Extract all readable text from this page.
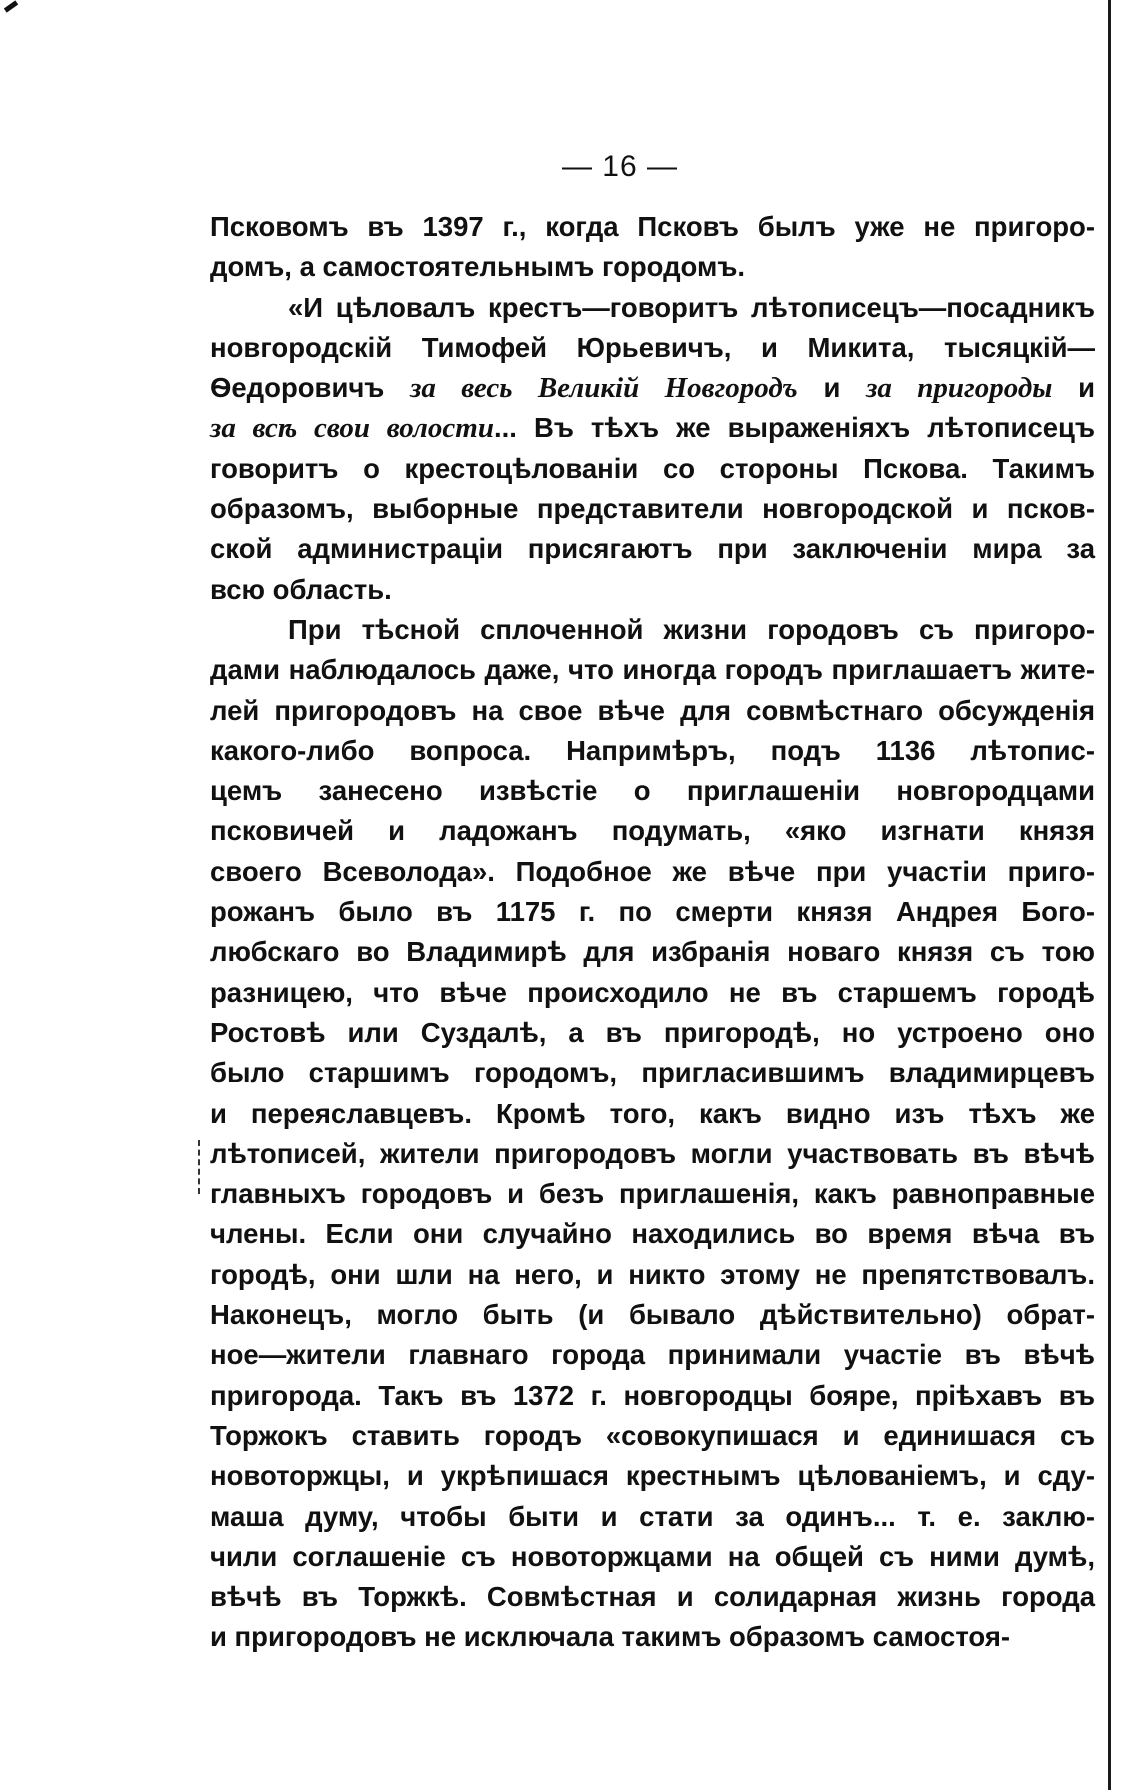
— 16 —
Псковомъ въ 1397 г., когда Псковъ былъ уже не пригоро-
домъ, а самостоятельнымъ городомъ.
«И цѣловалъ крестъ—говоритъ лѣтописецъ—посадникъ
новгородскій Тимофей Юрьевичъ, и Микита, тысяцкій—
Ѳедоровичъ за весь Великій Новгородъ и за пригороды и
за всѣ свои волости... Въ тѣхъ же выраженіяхъ лѣтописецъ
говоритъ о крестоцѣлованіи со стороны Пскова. Такимъ
образомъ, выборные представители новгородской и псков-
ской администраціи присягаютъ при заключеніи мира за
всю область.
При тѣсной сплоченной жизни городовъ съ пригоро-
дами наблюдалось даже, что иногда городъ приглашаетъ жите-
лей пригородовъ на свое вѣче для совмѣстнаго обсужденія
какого-либо вопроса. Напримѣръ, подъ 1136 лѣтопис-
цемъ занесено извѣстіе о приглашеніи новгородцами
псковичей и ладожанъ подумать, «яко изгнати князя
своего Всеволода». Подобное же вѣче при участіи приго-
рожанъ было въ 1175 г. по смерти князя Андрея Бого-
любскаго во Владимирѣ для избранія новаго князя съ тою
разницею, что вѣче происходило не въ старшемъ городѣ
Ростовѣ или Суздалѣ, а въ пригородѣ, но устроено оно
было старшимъ городомъ, пригласившимъ владимирцевъ
и переяславцевъ. Кромѣ того, какъ видно изъ тѣхъ же
лѣтописей, жители пригородовъ могли участвовать въ вѣчѣ
главныхъ городовъ и безъ приглашенія, какъ равноправные
члены. Если они случайно находились во время вѣча въ
городѣ, они шли на него, и никто этому не препятствовалъ.
Наконецъ, могло быть (и бывало дѣйствительно) обрат-
ное—жители главнаго города принимали участіе въ вѣчѣ
пригорода. Такъ въ 1372 г. новгородцы бояре, пріѣхавъ въ
Торжокъ ставить городъ «совокупишася и единишася съ
новоторжцы, и укрѣпишася крестнымъ цѣлованіемъ, и сду-
маша думу, чтобы быти и стати за одинъ... т. е. заклю-
чили соглашеніе съ новоторжцами на общей съ ними думѣ,
вѣчѣ въ Торжкѣ. Совмѣстная и солидарная жизнь города
и пригородовъ не исключала такимъ образомъ самостоя-
